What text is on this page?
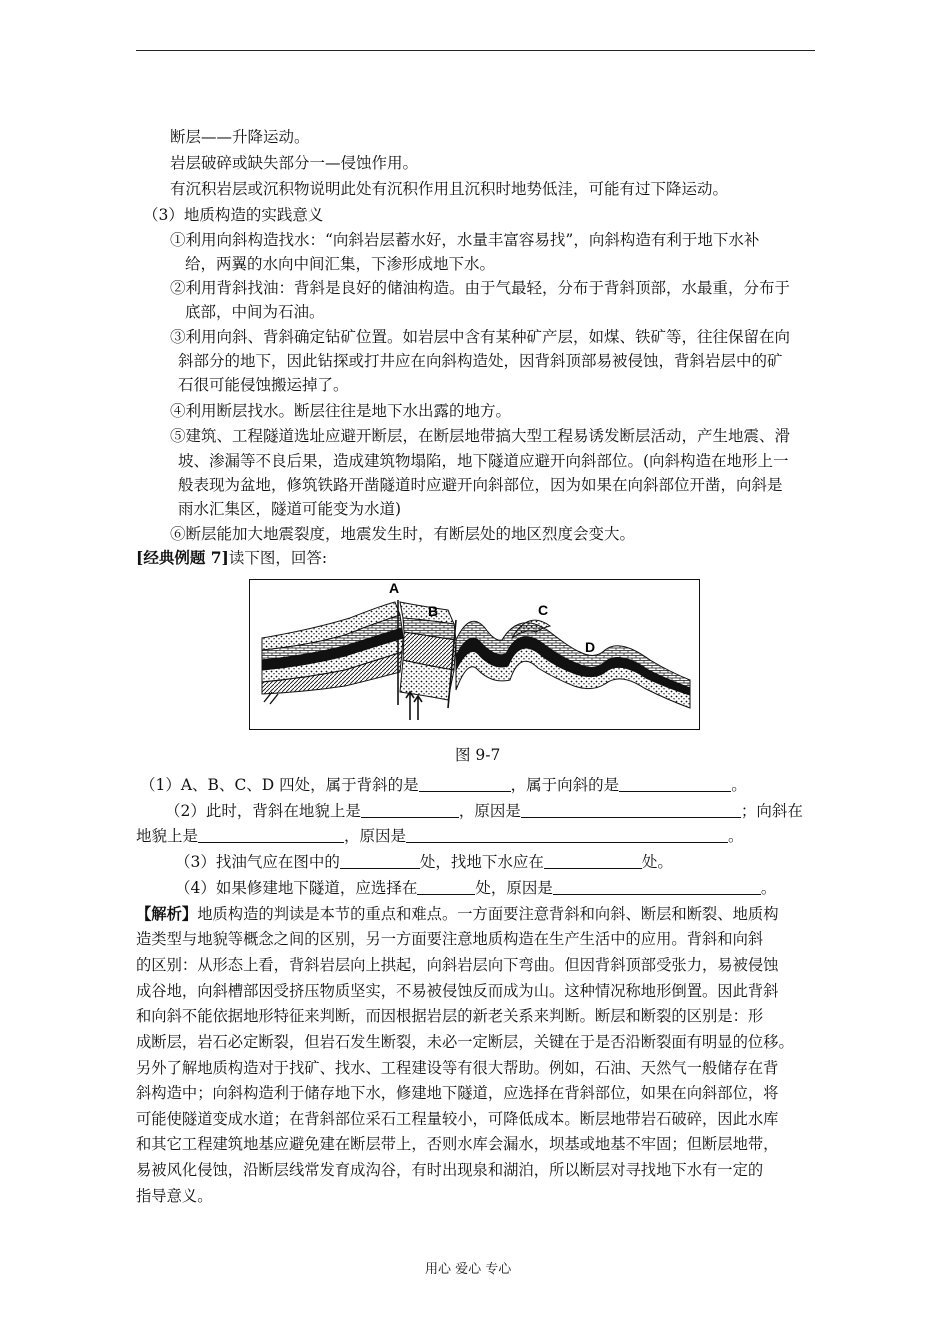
断层——升降运动。
岩层破碎或缺失部分一—侵蚀作用。
有沉积岩层或沉积物说明此处有沉积作用且沉积时地势低洼，可能有过下降运动。
（3）地质构造的实践意义
①利用向斜构造找水：“向斜岩层蓄水好，水量丰富容易找”，向斜构造有利于地下水补
给，两翼的水向中间汇集，下渗形成地下水。
②利用背斜找油：背斜是良好的储油构造。由于气最轻，分布于背斜顶部，水最重，分布于
底部，中间为石油。
③利用向斜、背斜确定钻矿位置。如岩层中含有某种矿产层，如煤、铁矿等，往往保留在向
斜部分的地下，因此钻探或打井应在向斜构造处，因背斜顶部易被侵蚀，背斜岩层中的矿
石很可能侵蚀搬运掉了。
④利用断层找水。断层往往是地下水出露的地方。
⑤建筑、工程隧道选址应避开断层，在断层地带搞大型工程易诱发断层活动，产生地震、滑
坡、渗漏等不良后果，造成建筑物塌陷，地下隧道应避开向斜部位。(向斜构造在地形上一
般表现为盆地，修筑铁路开凿隧道时应避开向斜部位，因为如果在向斜部位开凿，向斜是
雨水汇集区，隧道可能变为水道)
⑥断层能加大地震裂度，地震发生时，有断层处的地区烈度会变大。
[经典例题 7]读下图，回答:
A
B	C
D
图 9-7
（1）A、B、C、D 四处，属于背斜的是	，属于向斜的是	。
（2）此时，背斜在地貌上是	，原因是	；向斜在
地貌上是	，原因是	。
（3）找油气应在图中的	处，找地下水应在	处。
（4）如果修建地下隧道，应选择在	处，原因是	。
【解析】地质构造的判读是本节的重点和难点。一方面要注意背斜和向斜、断层和断裂、地质构
造类型与地貌等概念之间的区别，另一方面要注意地质构造在生产生活中的应用。背斜和向斜
的区别：从形态上看，背斜岩层向上拱起，向斜岩层向下弯曲。但因背斜顶部受张力，易被侵蚀
成谷地，向斜槽部因受挤压物质坚实，不易被侵蚀反而成为山。这种情况称地形倒置。因此背斜
和向斜不能依据地形特征来判断，而因根据岩层的新老关系来判断。断层和断裂的区别是：形
成断层，岩石必定断裂，但岩石发生断裂，未必一定断层，关键在于是否沿断裂面有明显的位移。
另外了解地质构造对于找矿、找水、工程建设等有很大帮助。例如，石油、天然气一般储存在背
斜构造中；向斜构造利于储存地下水，修建地下隧道，应选择在背斜部位，如果在向斜部位，将
可能使隧道变成水道；在背斜部位采石工程量较小，可降低成本。断层地带岩石破碎，因此水库
和其它工程建筑地基应避免建在断层带上，否则水库会漏水，坝基或地基不牢固；但断层地带，
易被风化侵蚀，沿断层线常发育成沟谷，有时出现泉和湖泊，所以断层对寻找地下水有一定的
指导意义。
用心 爱心 专心
